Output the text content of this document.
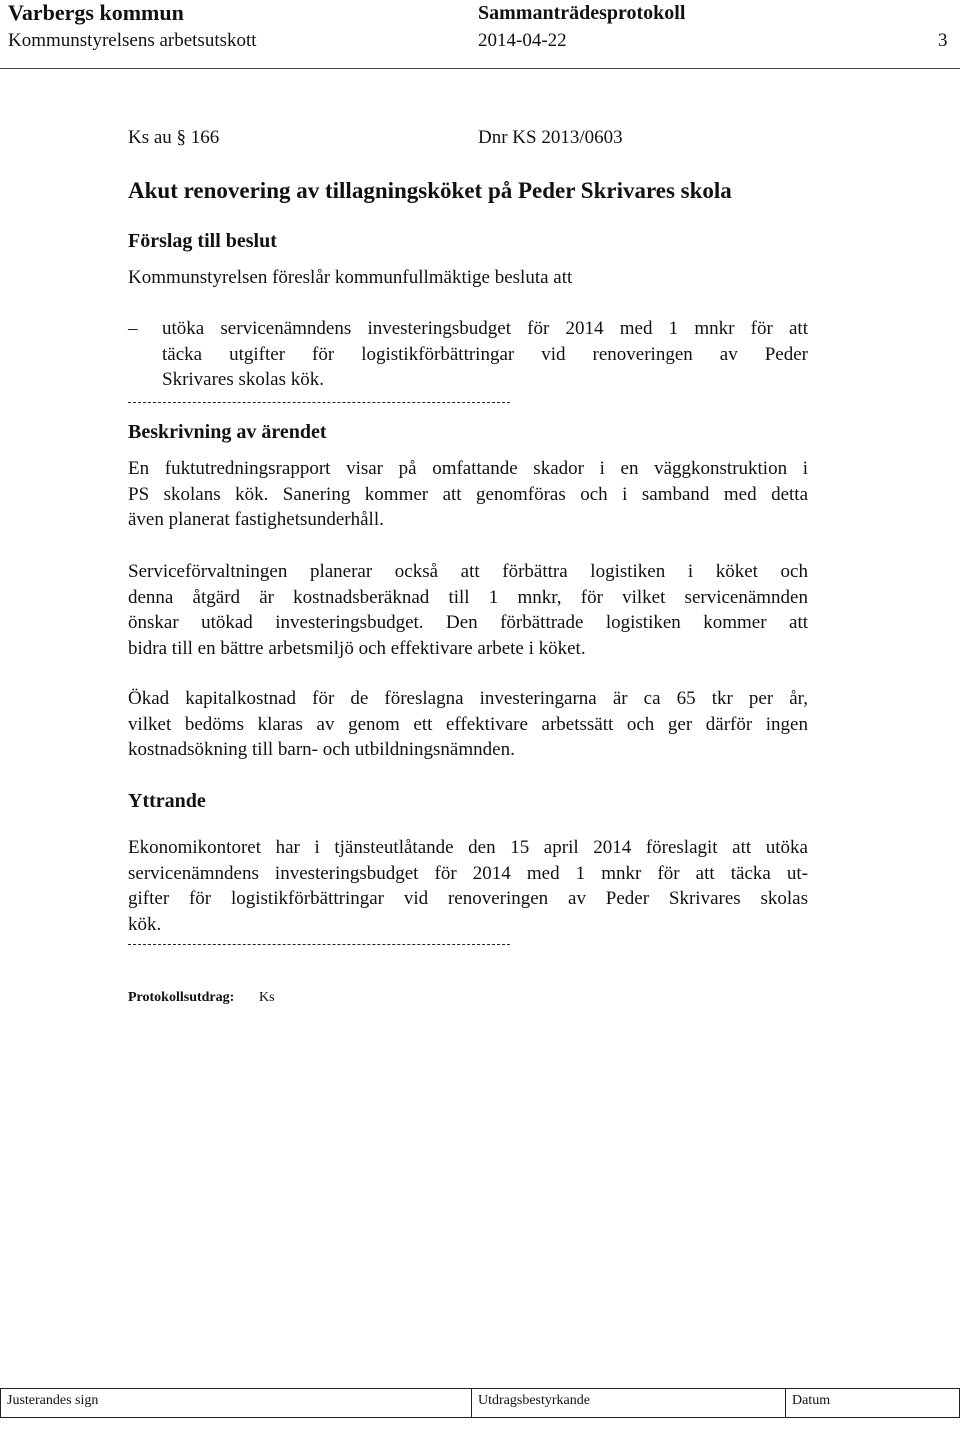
Varbergs kommun	Sammanträdesprotokoll
Kommunstyrelsens arbetsutskott	2014-04-22	3
Ks au § 166	Dnr KS 2013/0603
Akut renovering av tillagningsköket på Peder Skrivares skola
Förslag till beslut
Kommunstyrelsen föreslår kommunfullmäktige besluta att
– utöka servicenämndens investeringsbudget för 2014 med 1 mnkr för att
täcka utgifter för logistikförbättringar vid renoveringen av Peder
Skrivares skolas kök.
Beskrivning av ärendet
En fuktutredningsrapport visar på omfattande skador i en väggkonstruktion i
PS skolans kök. Sanering kommer att genomföras och i samband med detta
även planerat fastighetsunderhåll.
Serviceförvaltningen planerar också att förbättra logistiken i köket och
denna åtgärd är kostnadsberäknad till 1 mnkr, för vilket servicenämnden
önskar utökad investeringsbudget. Den förbättrade logistiken kommer att
bidra till en bättre arbetsmiljö och effektivare arbete i köket.
Ökad kapitalkostnad för de föreslagna investeringarna är ca 65 tkr per år,
vilket bedöms klaras av genom ett effektivare arbetssätt och ger därför ingen
kostnadsökning till barn- och utbildningsnämnden.
Yttrande
Ekonomikontoret har i tjänsteutlåtande den 15 april 2014 föreslagit att utöka
servicenämndens investeringsbudget för 2014 med 1 mnkr för att täcka ut-
gifter för logistikförbättringar vid renoveringen av Peder Skrivares skolas
kök.
Protokollsutdrag: Ks
Justerandes sign	Utdragsbestyrkande	Datum
